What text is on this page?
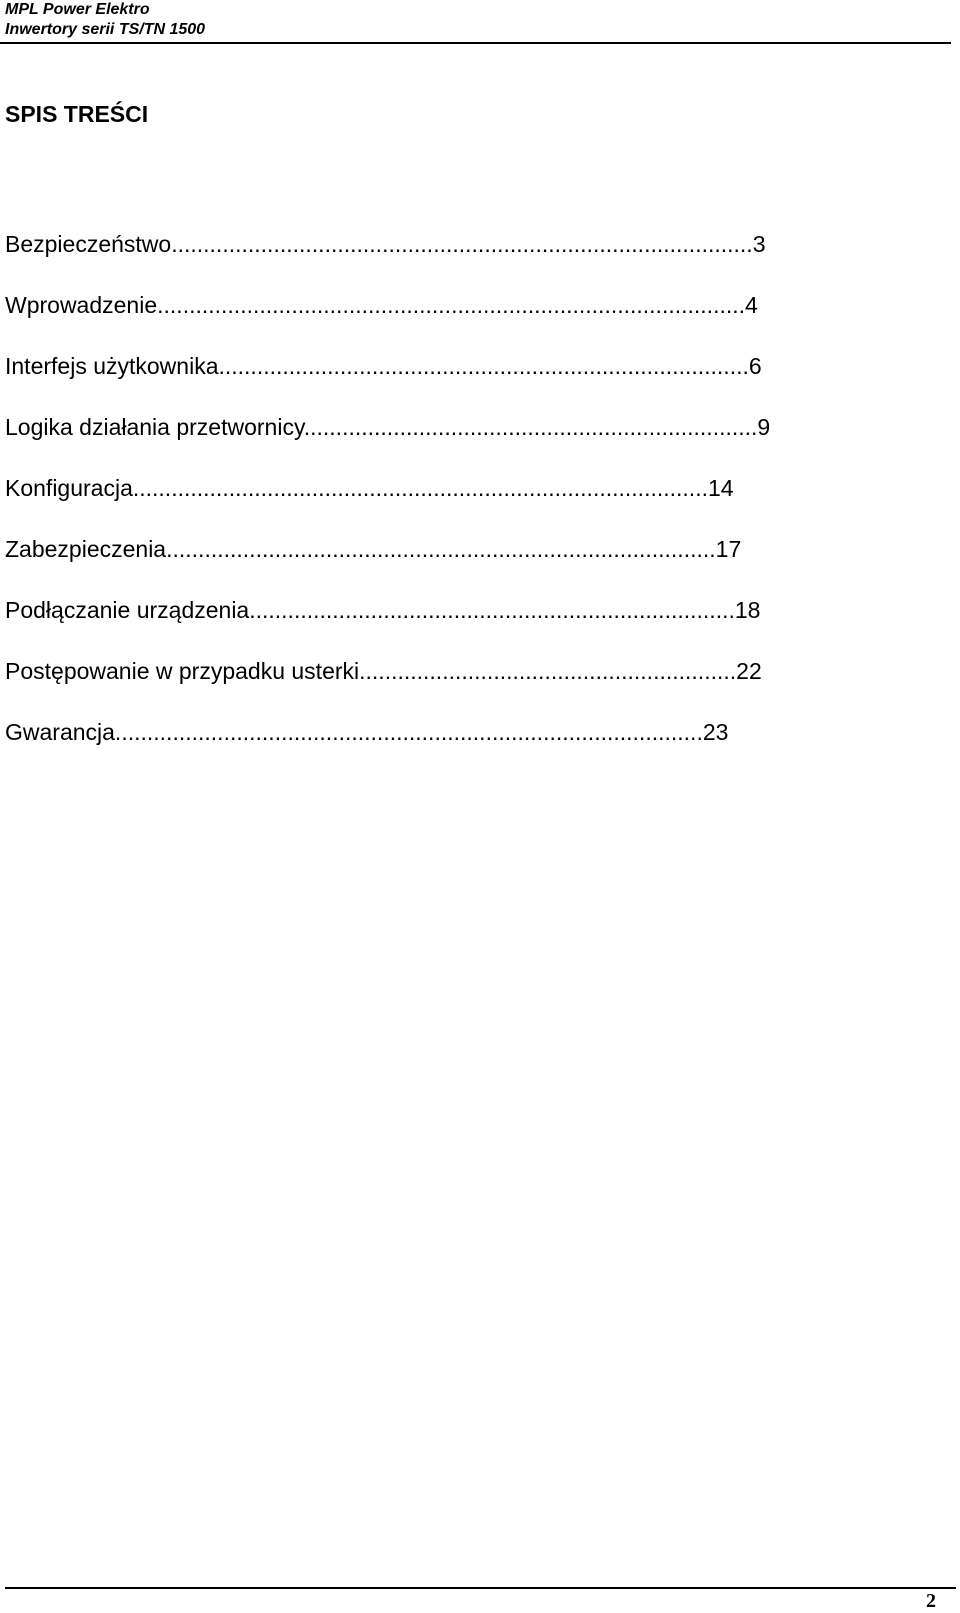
MPL Power Elektro
Inwertory serii TS/TN 1500
SPIS TREŚCI
Bezpieczeństwo...........................................................................................3
Wprowadzenie............................................................................................4
Interfejs użytkownika...................................................................................6
Logika działania przetwornicy.......................................................................9
Konfiguracja..........................................................................................14
Zabezpieczenia......................................................................................17
Podłączanie urządzenia............................................................................18
Postępowanie w przypadku usterki...........................................................22
Gwarancja............................................................................................23
2
